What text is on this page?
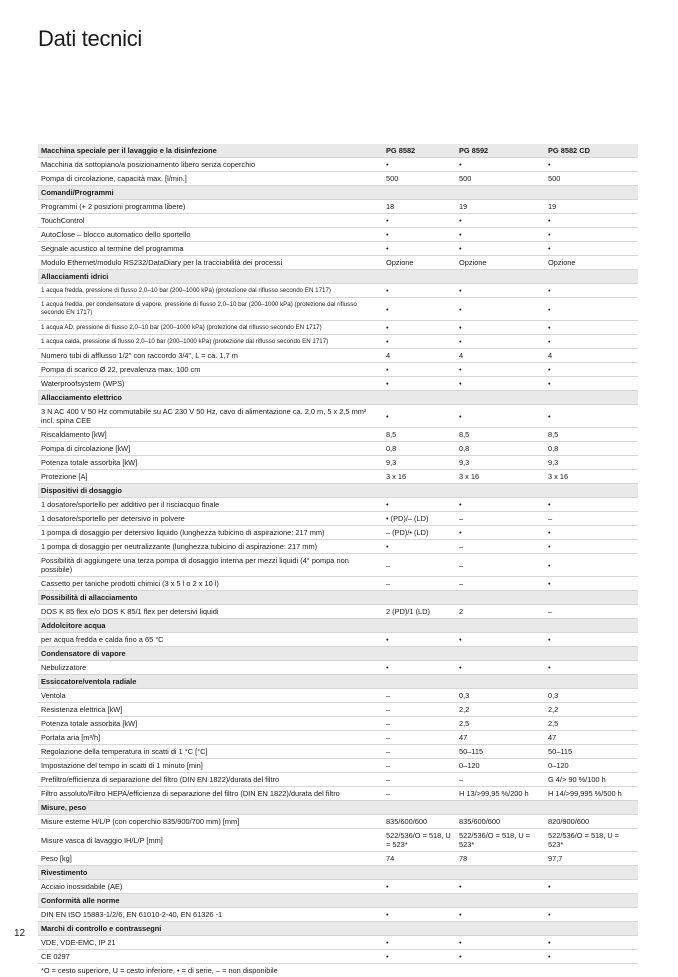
Dati tecnici
Macchina speciale per il lavaggio e la disinfezione	PG 8582	PG 8592	PG 8582 CD
Macchina da sottopiano/a posizionamento libero senza coperchio	•	•	•
Pompa di circolazione, capacità max. [l/min.]	500	500	500
Comandi/Programmi			
Programmi (+ 2 posizioni programma libere)	18	19	19
TouchControl	•	•	•
AutoClose – blocco automatico dello sportello	•	•	•
Segnale acustico al termine del programma	•	•	•
Modulo Ethernet/modulo RS232/DataDiary per la tracciabilità dei processi	Opzione	Opzione	Opzione
Allacciamenti idrici			
1 acqua fredda, pressione di flusso 2,0–10 bar (200–1000 kPa) (protezione dal riflusso secondo EN 1717)	•	•	•
1 acqua fredda, per condensatore di vapore, pressione di flusso 2,0–10 bar (200–1000 kPa) (protezione dal riflusso secondo EN 1717)	•	•	•
1 acqua AD, pressione di flusso 2,0–10 bar (200–1000 kPa) (protezione dal riflusso secondo EN 1717)	•	•	•
1 acqua calda, pressione di flusso 2,0–10 bar (200–1000 kPa) (protezione dal riflusso secondo EN 1717)	•	•	•
Numero tubi di afflusso 1/2" con raccordo 3/4", L = ca. 1,7 m	4	4	4
Pompa di scarico Ø 22, prevalenza max. 100 cm	•	•	•
Waterproofsystem (WPS)	•	•	•
Allacciamento elettrico			
3 N AC 400 V 50 Hz commutabile su AC 230 V 50 Hz, cavo di alimentazione ca. 2,0 m, 5 x 2,5 mm² incl. spina CEE	•	•	•
Riscaldamento [kW]	8,5	8,5	8,5
Pompa di circolazione [kW]	0,8	0,8	0,8
Potenza totale assorbita [kW]	9,3	9,3	9,3
Protezione [A]	3 x 16	3 x 16	3 x 16
Dispositivi di dosaggio			
1 dosatore/sportello per additivo per il risciacquo finale	•	•	•
1 dosatore/sportello per detersivo in polvere	• (PD)/– (LD)	–	–
1 pompa di dosaggio per detersivo liquido (lunghezza tubicino di aspirazione: 217 mm)	– (PD)/• (LD)	•	•
1 pompa di dosaggio per neutralizzante (lunghezza tubicino di aspirazione: 217 mm)	•	–	•
Possibilità di aggiungere una terza pompa di dosaggio interna per mezzi liquidi (4° pompa non possibile)	–	–	•
Cassetto per taniche prodotti chimici (3 x 5 l o 2 x 10 l)	–	–	•
Possibilità di allacciamento			
DOS K 85 flex e/o DOS K 85/1 flex per detersivi liquidi	2 (PD)/1 (LD)	2	–
Addolcitore acqua			
per acqua fredda e calda fino a 65 °C	•	•	•
Condensatore di vapore			
Nebulizzatore	•	•	•
Essiccatore/ventola radiale			
Ventola	–	0,3	0,3
Resistenza elettrica [kW]	–	2,2	2,2
Potenza totale assorbita [kW]	–	2,5	2,5
Portata aria [m³/h]	–	47	47
Regolazione della temperatura in scatti di 1 °C [°C]	–	50–115	50–115
Impostazione del tempo in scatti di 1 minuto [min]	–	0–120	0–120
Prefiltro/efficienza di separazione del filtro (DIN EN 1822)/durata del filtro	–	–	G 4/> 90 %/100 h
Filtro assoluto/Filtro HEPA/efficienza di separazione del filtro (DIN EN 1822)/durata del filtro	–	H 13/>99,95 %/200 h	H 14/>99,995 %/500 h
Misure, peso			
Misure esterne H/L/P (con coperchio 835/900/700 mm) [mm]	835/600/600	835/600/600	820/900/600
Misure vasca di lavaggio IH/L/P [mm]	522/536/O = 518, U = 523*	522/536/O = 518, U = 523*	522/536/O = 518, U = 523*
Peso [kg]	74	78	97,7
Rivestimento			
Acciaio inossidabile (AE)	•	•	•
Conformità alle norme			
DIN EN ISO 15883-1/2/6, EN 61010-2-40, EN 61326 -1	•	•	•
Marchi di controllo e contrassegni			
VDE, VDE-EMC, IP 21	•	•	•
CE 0297	•	•	•
*O = cesto superiore, U = cesto inferiore, • = di serie, – = non disponibile			
12
